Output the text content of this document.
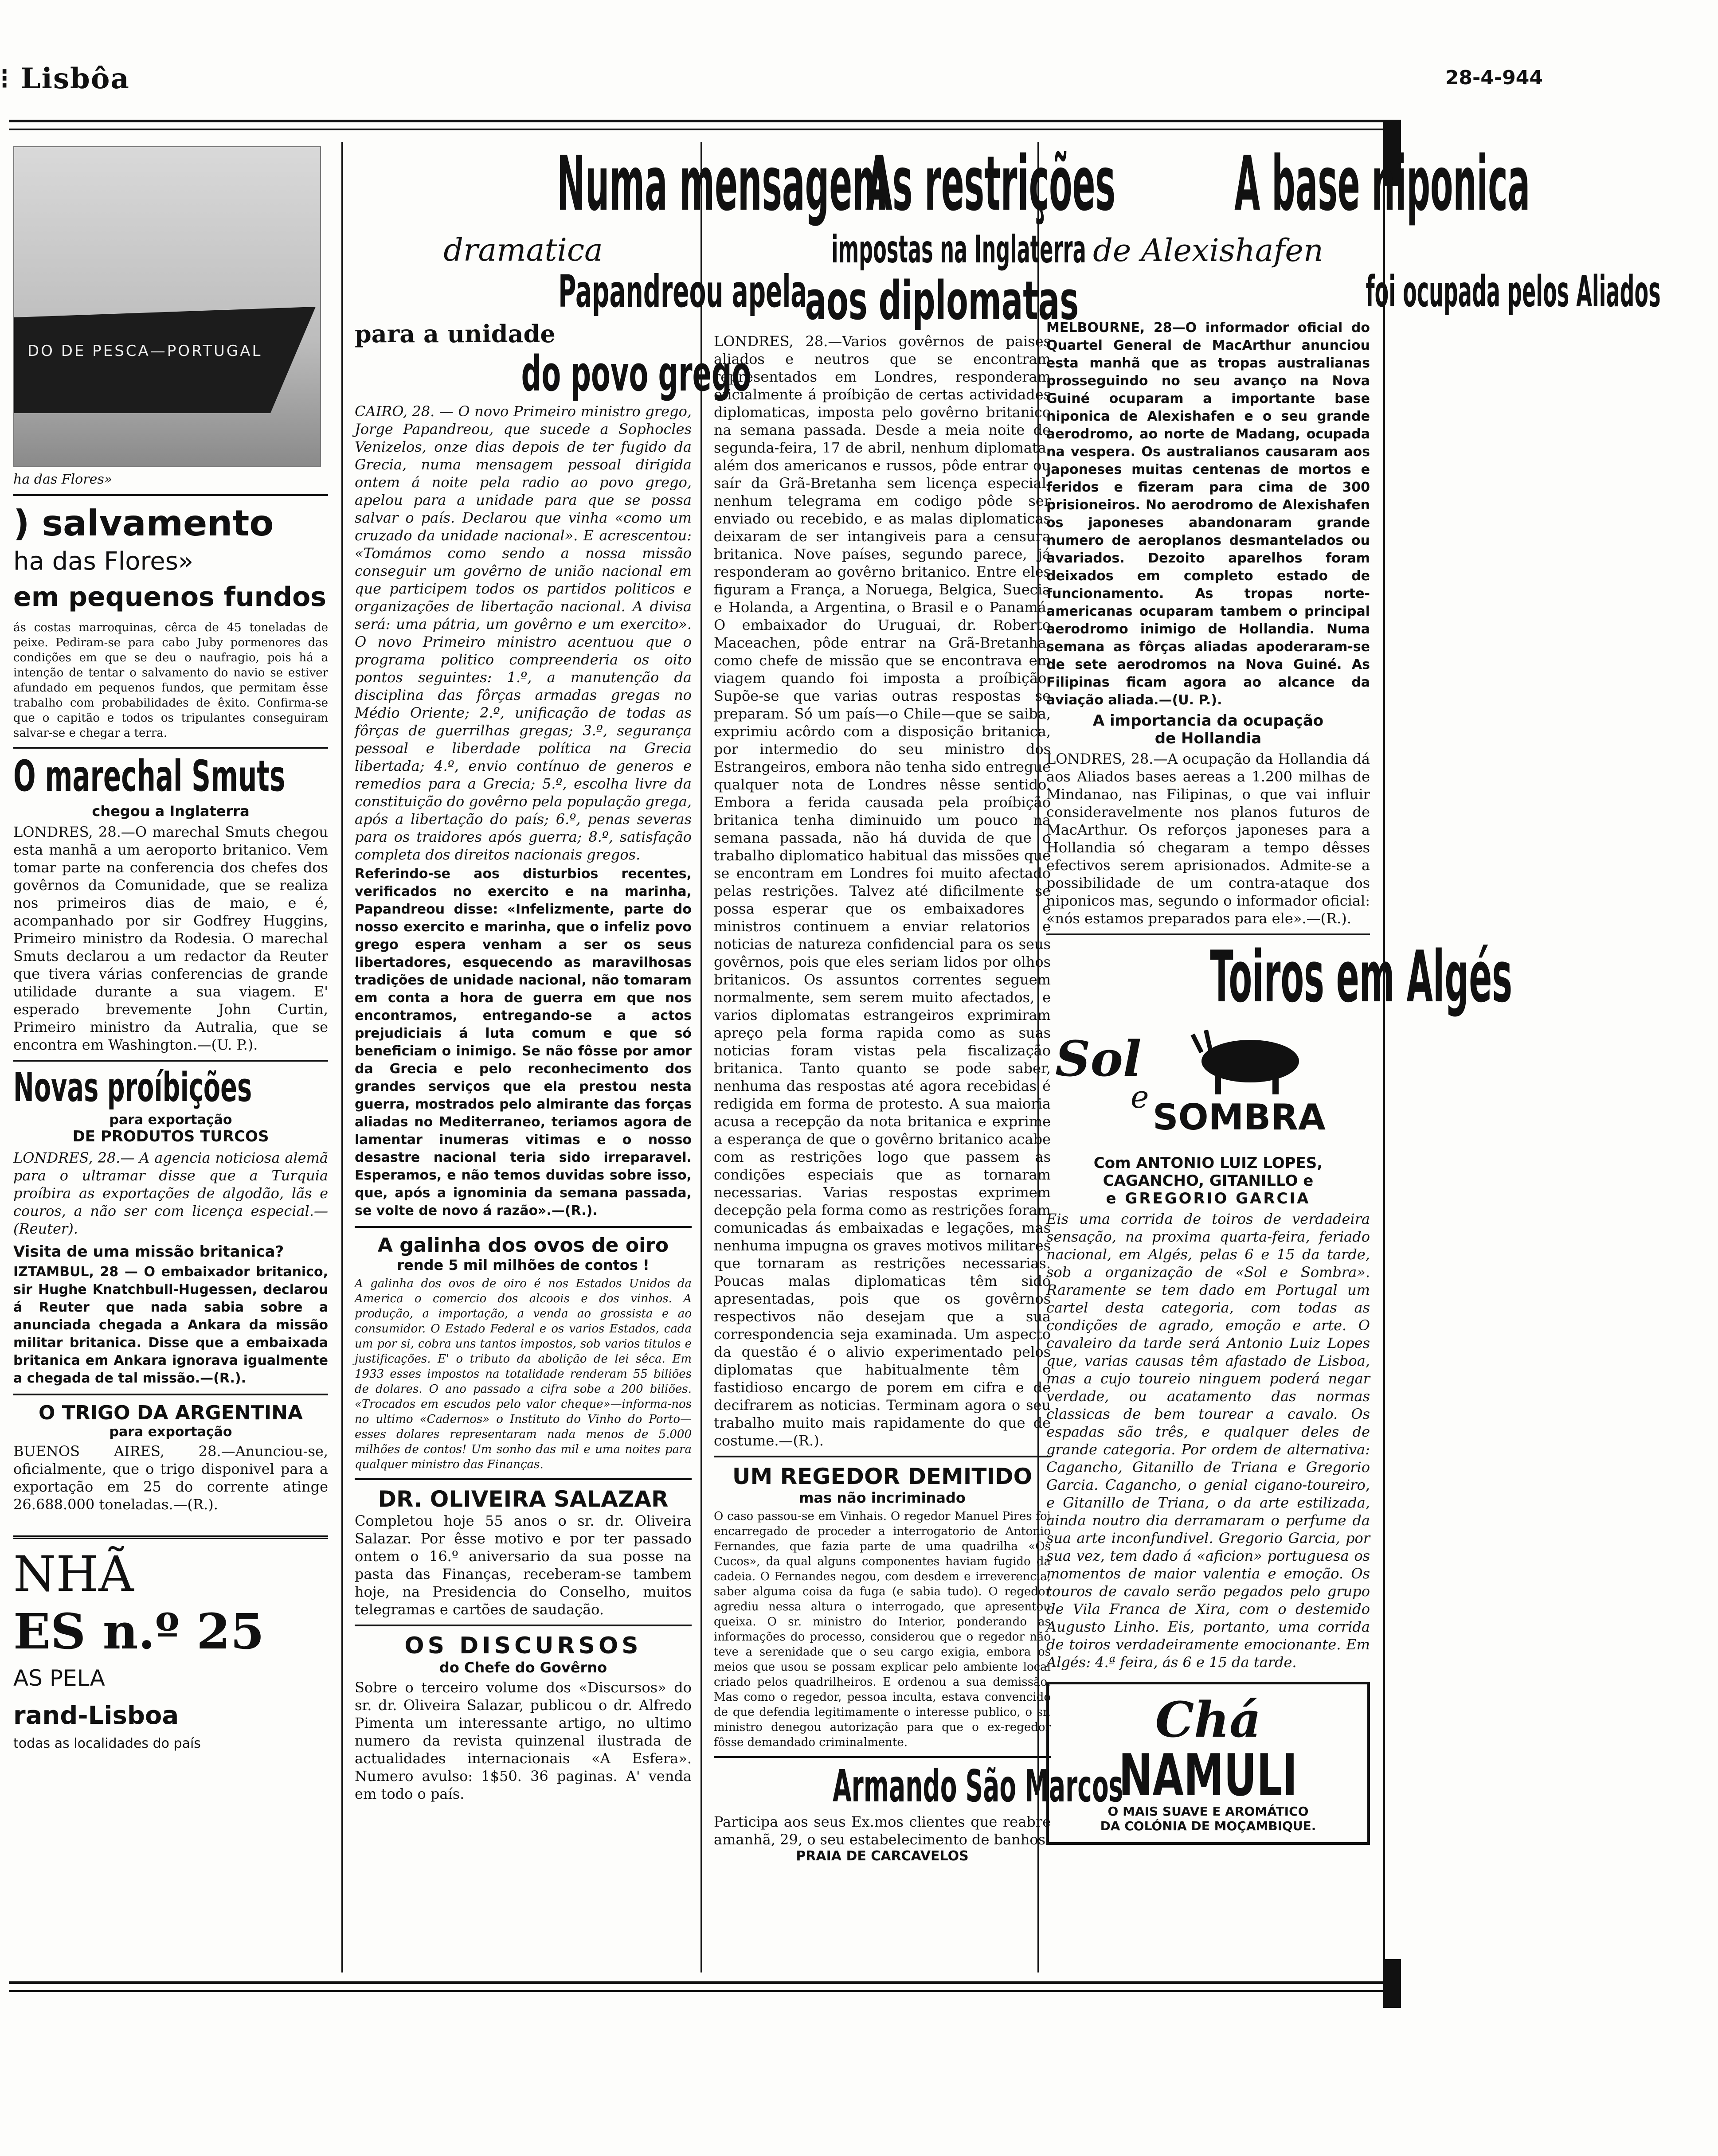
⁝ Lisbôa	28-4-944
DO DE PESCA—PORTUGAL
ha das Flores»
) salvamento
ha das Flores»
em pequenos fundos

ás costas marroquinas, cêrca de 45 toneladas de peixe. Pediram-se para cabo Juby pormenores das condições em que se deu o naufragio, pois há a intenção de tentar o salvamento do navio se estiver afundado em pequenos fundos, que permitam êsse trabalho com probabilidades de êxito. Confirma-se que o capitão e todos os tripulantes conseguiram salvar-se e chegar a terra.

O marechal Smuts
chegou a Inglaterra

LONDRES, 28.—O marechal Smuts chegou esta manhã a um aeroporto britanico. Vem tomar parte na conferencia dos chefes dos govêrnos da Comunidade, que se realiza nos primeiros dias de maio, e é, acompanhado por sir Godfrey Huggins, Primeiro ministro da Rodesia. O marechal Smuts declarou a um redactor da Reuter que tivera várias conferencias de grande utilidade durante a sua viagem. E' esperado brevemente John Curtin, Primeiro ministro da Autralia, que se encontra em Washington.—(U. P.).

Novas proíbições
para exportação
DE PRODUTOS TURCOS

LONDRES, 28.— A agencia noticiosa alemã para o ultramar disse que a Turquia proíbira as exportações de algodão, lãs e couros, a não ser com licença especial.—(Reuter).

Visita de uma missão britanica?

IZTAMBUL, 28 — O embaixador britanico, sir Hughe Knatchbull-Hugessen, declarou á Reuter que nada sabia sobre a anunciada chegada a Ankara da missão militar britanica. Disse que a embaixada britanica em Ankara ignorava igualmente a chegada de tal missão.—(R.).

O TRIGO DA ARGENTINA
para exportação

BUENOS AIRES, 28.—Anunciou-se, oficialmente, que o trigo disponivel para a exportação em 25 do corrente atinge 26.688.000 toneladas.—(R.).

NHÃ
ES n.º 25
AS PELA
rand-Lisboa
todas as localidades do país
Numa mensagem
dramatica
Papandreou apela
para a unidade
do povo grego

CAIRO, 28. — O novo Primeiro ministro grego, Jorge Papandreou, que sucede a Sophocles Venizelos, onze dias depois de ter fugido da Grecia, numa mensagem pessoal dirigida ontem á noite pela radio ao povo grego, apelou para a unidade para que se possa salvar o país. Declarou que vinha «como um cruzado da unidade nacional». E acrescentou: «Tomámos como sendo a nossa missão conseguir um govêrno de união nacional em que participem todos os partidos politicos e organizações de libertação nacional. A divisa será: uma pátria, um govêrno e um exercito». O novo Primeiro ministro acentuou que o programa politico compreenderia os oito pontos seguintes: 1.º, a manutenção da disciplina das fôrças armadas gregas no Médio Oriente; 2.º, unificação de todas as fôrças de guerrilhas gregas; 3.º, segurança pessoal e liberdade política na Grecia libertada; 4.º, envio contínuo de generos e remedios para a Grecia; 5.º, escolha livre da constituição do govêrno pela população grega, após a libertação do país; 6.º, penas severas para os traidores após guerra; 8.º, satisfação completa dos direitos nacionais gregos.

Referindo-se aos disturbios recentes, verificados no exercito e na marinha, Papandreou disse: «Infelizmente, parte do nosso exercito e marinha, que o infeliz povo grego espera venham a ser os seus libertadores, esquecendo as maravilhosas tradições de unidade nacional, não tomaram em conta a hora de guerra em que nos encontramos, entregando-se a actos prejudiciais á luta comum e que só beneficiam o inimigo. Se não fôsse por amor da Grecia e pelo reconhecimento dos grandes serviços que ela prestou nesta guerra, mostrados pelo almirante das forças aliadas no Mediterraneo, teriamos agora de lamentar inumeras vitimas e o nosso desastre nacional teria sido irreparavel. Esperamos, e não temos duvidas sobre isso, que, após a ignominia da semana passada, se volte de novo á razão».—(R.).

A galinha dos ovos de oiro
rende 5 mil milhões de contos !

A galinha dos ovos de oiro é nos Estados Unidos da America o comercio dos alcoois e dos vinhos. A produção, a importação, a venda ao grossista e ao consumidor. O Estado Federal e os varios Estados, cada um por si, cobra uns tantos impostos, sob varios titulos e justificações. E' o tributo da abolição de lei sêca. Em 1933 esses impostos na totalidade renderam 55 biliões de dolares. O ano passado a cifra sobe a 200 biliões. «Trocados em escudos pelo valor cheque»—informa-nos no ultimo «Cadernos» o Instituto do Vinho do Porto—esses dolares representaram nada menos de 5.000 milhões de contos! Um sonho das mil e uma noites para qualquer ministro das Finanças.

DR. OLIVEIRA SALAZAR

Completou hoje 55 anos o sr. dr. Oliveira Salazar. Por êsse motivo e por ter passado ontem o 16.º aniversario da sua posse na pasta das Finanças, receberam-se tambem hoje, na Presidencia do Conselho, muitos telegramas e cartões de saudação.

OS DISCURSOS
do Chefe do Govêrno

Sobre o terceiro volume dos «Discursos» do sr. dr. Oliveira Salazar, publicou o dr. Alfredo Pimenta um interessante artigo, no ultimo numero da revista quinzenal ilustrada de actualidades internacionais «A Esfera». Numero avulso: 1$50. 36 paginas. A' venda em todo o país.

As restrições
impostas na Inglaterra
aos diplomatas

LONDRES, 28.—Varios govêrnos de paises aliados e neutros que se encontram representados em Londres, responderam oficialmente á proíbição de certas actividades diplomaticas, imposta pelo govêrno britanico na semana passada. Desde a meia noite de segunda-feira, 17 de abril, nenhum diplomata, além dos americanos e russos, pôde entrar ou saír da Grã-Bretanha sem licença especial, nenhum telegrama em codigo pôde ser enviado ou recebido, e as malas diplomaticas deixaram de ser intangiveis para a censura britanica. Nove países, segundo parece, já responderam ao govêrno britanico. Entre eles figuram a França, a Noruega, Belgica, Suecia e Holanda, a Argentina, o Brasil e o Panamá. O embaixador do Uruguai, dr. Roberto Maceachen, pôde entrar na Grã-Bretanha, como chefe de missão que se encontrava em viagem quando foi imposta a proíbição. Supõe-se que varias outras respostas se preparam. Só um país—o Chile—que se saiba, exprimiu acôrdo com a disposição britanica, por intermedio do seu ministro dos Estrangeiros, embora não tenha sido entregue qualquer nota de Londres nêsse sentido. Embora a ferida causada pela proíbição britanica tenha diminuido um pouco na semana passada, não há duvida de que o trabalho diplomatico habitual das missões que se encontram em Londres foi muito afectado pelas restrições. Talvez até dificilmente se possa esperar que os embaixadores e ministros continuem a enviar relatorios e noticias de natureza confidencial para os seus govêrnos, pois que eles seriam lidos por olhos britanicos. Os assuntos correntes seguem normalmente, sem serem muito afectados, e varios diplomatas estrangeiros exprimiram apreço pela forma rapida como as suas noticias foram vistas pela fiscalização britanica. Tanto quanto se pode saber, nenhuma das respostas até agora recebidas é redigida em forma de protesto. A sua maioria acusa a recepção da nota britanica e exprime a esperança de que o govêrno britanico acabe com as restrições logo que passem as condições especiais que as tornaram necessarias. Varias respostas exprimem decepção pela forma como as restrições foram comunicadas ás embaixadas e legações, mas nenhuma impugna os graves motivos militares que tornaram as restrições necessarias. Poucas malas diplomaticas têm sido apresentadas, pois que os govêrnos respectivos não desejam que a sua correspondencia seja examinada. Um aspecto da questão é o alivio experimentado pelos diplomatas que habitualmente têm o fastidioso encargo de porem em cifra e de decifrarem as noticias. Terminam agora o seu trabalho muito mais rapidamente do que de costume.—(R.).

UM REGEDOR DEMITIDO
mas não incriminado

O caso passou-se em Vinhais. O regedor Manuel Pires foi encarregado de proceder a interrogatorio de Antonio Fernandes, que fazia parte de uma quadrilha «Os Cucos», da qual alguns componentes haviam fugido da cadeia. O Fernandes negou, com desdem e irreverencia, saber alguma coisa da fuga (e sabia tudo). O regedor agrediu nessa altura o interrogado, que apresentou queixa. O sr. ministro do Interior, ponderando as informações do processo, considerou que o regedor não teve a serenidade que o seu cargo exigia, embora os meios que usou se possam explicar pelo ambiente local criado pelos quadrilheiros. E ordenou a sua demissão. Mas como o regedor, pessoa inculta, estava convencido de que defendia legitimamente o interesse publico, o sr. ministro denegou autorização para que o ex-regedor fôsse demandado criminalmente.

Armando São Marcos

Participa aos seus Ex.mos clientes que reabre amanhã, 29, o seu estabelecimento de banhos.

PRAIA DE CARCAVELOS
A base niponica
de Alexishafen
foi ocupada pelos Aliados

MELBOURNE, 28—O informador oficial do Quartel General de MacArthur anunciou esta manhã que as tropas australianas prosseguindo no seu avanço na Nova Guiné ocuparam a importante base niponica de Alexishafen e o seu grande aerodromo, ao norte de Madang, ocupada na vespera. Os australianos causaram aos japoneses muitas centenas de mortos e feridos e fizeram para cima de 300 prisioneiros. No aerodromo de Alexishafen os japoneses abandonaram grande numero de aeroplanos desmantelados ou avariados. Dezoito aparelhos foram deixados em completo estado de funcionamento. As tropas norte-americanas ocuparam tambem o principal aerodromo inimigo de Hollandia. Numa semana as fôrças aliadas apoderaram-se de sete aerodromos na Nova Guiné. As Filipinas ficam agora ao alcance da aviação aliada.—(U. P.).

A importancia da ocupação
de Hollandia

LONDRES, 28.—A ocupação da Hollandia dá aos Aliados bases aereas a 1.200 milhas de Mindanao, nas Filipinas, o que vai influir consideravelmente nos planos futuros de MacArthur. Os reforços japoneses para a Hollandia só chegaram a tempo dêsses efectivos serem aprisionados. Admite-se a possibilidade de um contra-ataque dos niponicos mas, segundo o informador oficial: «nós estamos preparados para ele».—(R.).

Toiros em Algés
Sol
e SOMBRA
Com ANTONIO LUIZ LOPES,
CAGANCHO, GITANILLO e
e GREGORIO GARCIA

Eis uma corrida de toiros de verdadeira sensação, na proxima quarta-feira, feriado nacional, em Algés, pelas 6 e 15 da tarde, sob a organização de «Sol e Sombra». Raramente se tem dado em Portugal um cartel desta categoria, com todas as condições de agrado, emoção e arte. O cavaleiro da tarde será Antonio Luiz Lopes que, varias causas têm afastado de Lisboa, mas a cujo toureio ninguem poderá negar verdade, ou acatamento das normas classicas de bem tourear a cavalo. Os espadas são três, e qualquer deles de grande categoria. Por ordem de alternativa: Cagancho, Gitanillo de Triana e Gregorio Garcia. Cagancho, o genial cigano-toureiro, e Gitanillo de Triana, o da arte estilizada, ainda noutro dia derramaram o perfume da sua arte inconfundivel. Gregorio Garcia, por sua vez, tem dado á «aficion» portuguesa os momentos de maior valentia e emoção. Os touros de cavalo serão pegados pelo grupo de Vila Franca de Xira, com o destemido Augusto Linho. Eis, portanto, uma corrida de toiros verdadeiramente emocionante. Em Algés: 4.ª feira, ás 6 e 15 da tarde.

Chá
NAMULI
O MAIS SUAVE E AROMÁTICO
DA COLÓNIA DE MOÇAMBIQUE.
